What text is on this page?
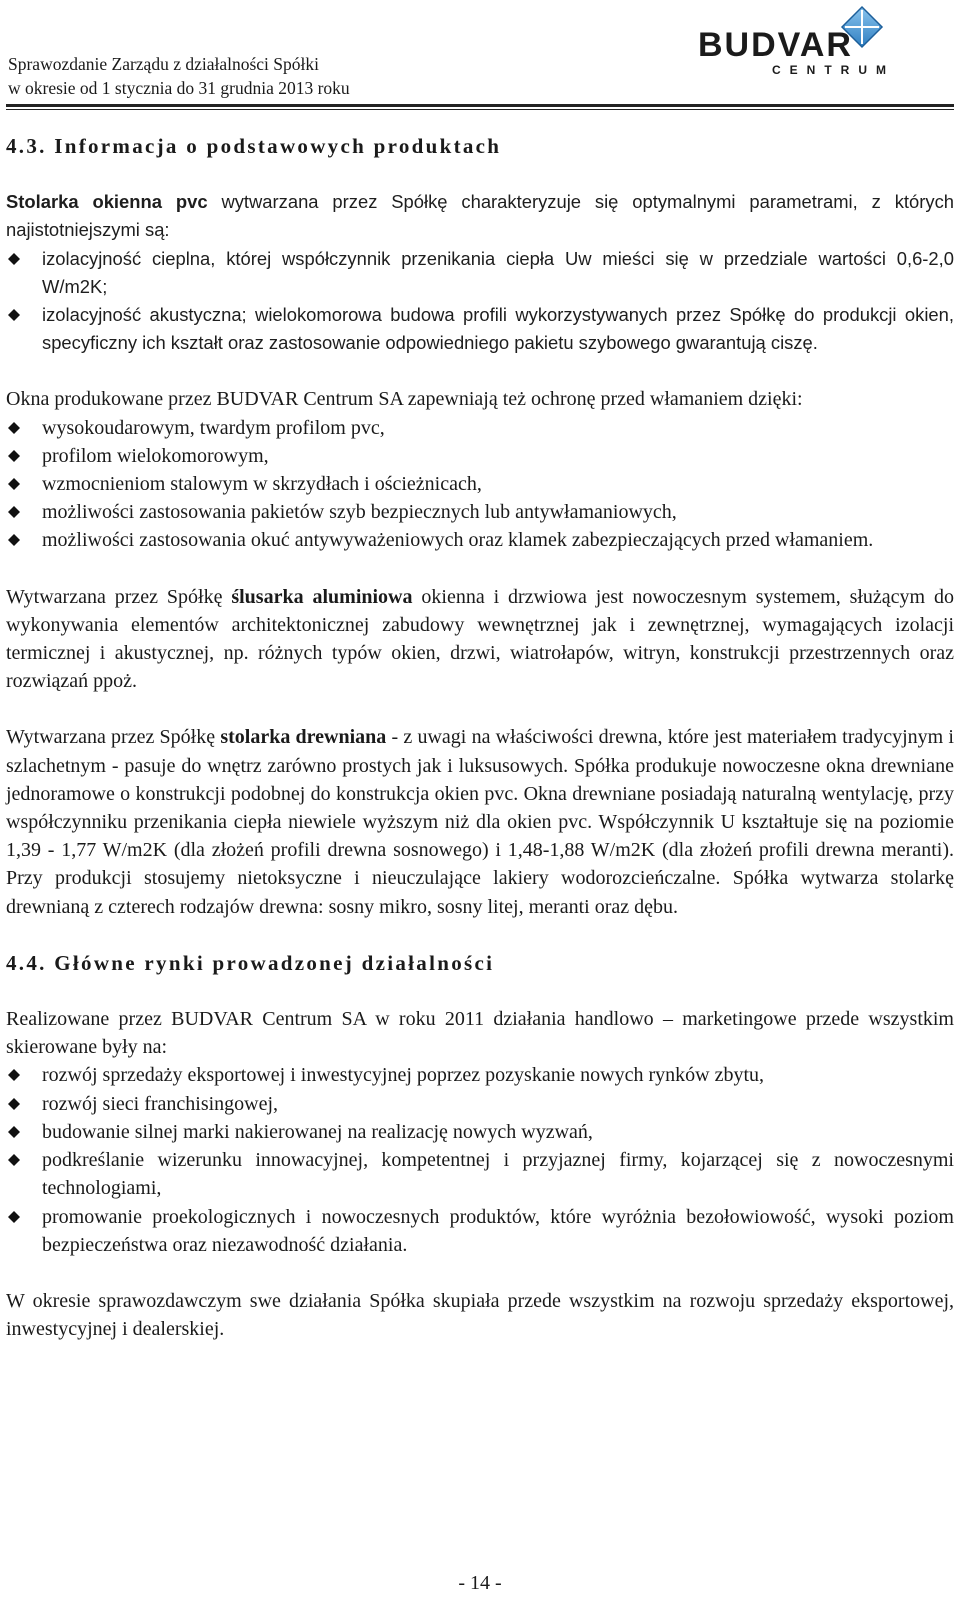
Sprawozdanie Zarządu z działalności Spółki
w okresie od 1 stycznia do 31 grudnia 2013 roku
BUDVAR
CENTRUM

4.3. Informacja o podstawowych produktach

Stolarka okienna pvc wytwarzana przez Spółkę charakteryzuje się optymalnymi parametrami, z których najistotniejszymi są:

izolacyjność cieplna, której współczynnik przenikania ciepła Uw mieści się w przedziale wartości 0,6-2,0 W/m2K;
izolacyjność akustyczna; wielokomorowa budowa profili wykorzystywanych przez Spółkę do produkcji okien, specyficzny ich kształt oraz zastosowanie odpowiedniego pakietu szybowego gwarantują ciszę.

Okna produkowane przez BUDVAR Centrum SA zapewniają też ochronę przed włamaniem dzięki:

wysokoudarowym, twardym profilom pvc,
profilom wielokomorowym,
wzmocnieniom stalowym w skrzydłach i ościeżnicach,
możliwości zastosowania pakietów szyb bezpiecznych lub antywłamaniowych,
możliwości zastosowania okuć antywyważeniowych oraz klamek zabezpieczających przed włamaniem.

Wytwarzana przez Spółkę ślusarka aluminiowa okienna i drzwiowa jest nowoczesnym systemem, służącym do wykonywania elementów architektonicznej zabudowy wewnętrznej jak i zewnętrznej, wymagających izolacji termicznej i akustycznej, np. różnych typów okien, drzwi, wiatrołapów, witryn, konstrukcji przestrzennych oraz rozwiązań ppoż.

Wytwarzana przez Spółkę stolarka drewniana - z uwagi na właściwości drewna, które jest materiałem tradycyjnym i szlachetnym - pasuje do wnętrz zarówno prostych jak i luksusowych. Spółka produkuje nowoczesne okna drewniane jednoramowe o konstrukcji podobnej do konstrukcja okien pvc. Okna drewniane posiadają naturalną wentylację, przy współczynniku przenikania ciepła niewiele wyższym niż dla okien pvc. Współczynnik U kształtuje się na poziomie 1,39 - 1,77 W/m2K (dla złożeń profili drewna sosnowego) i 1,48-1,88 W/m2K (dla złożeń profili drewna meranti). Przy produkcji stosujemy nietoksyczne i nieuczulające lakiery wodorozcieńczalne. Spółka wytwarza stolarkę drewnianą z czterech rodzajów drewna: sosny mikro, sosny litej, meranti oraz dębu.

4.4. Główne rynki prowadzonej działalności

Realizowane przez BUDVAR Centrum SA w roku 2011 działania handlowo – marketingowe przede wszystkim skierowane były na:

rozwój sprzedaży eksportowej i inwestycyjnej poprzez pozyskanie nowych rynków zbytu,
rozwój sieci franchisingowej,
budowanie silnej marki nakierowanej na realizację nowych wyzwań,
podkreślanie wizerunku innowacyjnej, kompetentnej i przyjaznej firmy, kojarzącej się z nowoczesnymi technologiami,
promowanie proekologicznych i nowoczesnych produktów, które wyróżnia bezołowiowość, wysoki poziom bezpieczeństwa oraz niezawodność działania.

W okresie sprawozdawczym swe działania Spółka skupiała przede wszystkim na rozwoju sprzedaży eksportowej, inwestycyjnej i dealerskiej.

- 14 -
